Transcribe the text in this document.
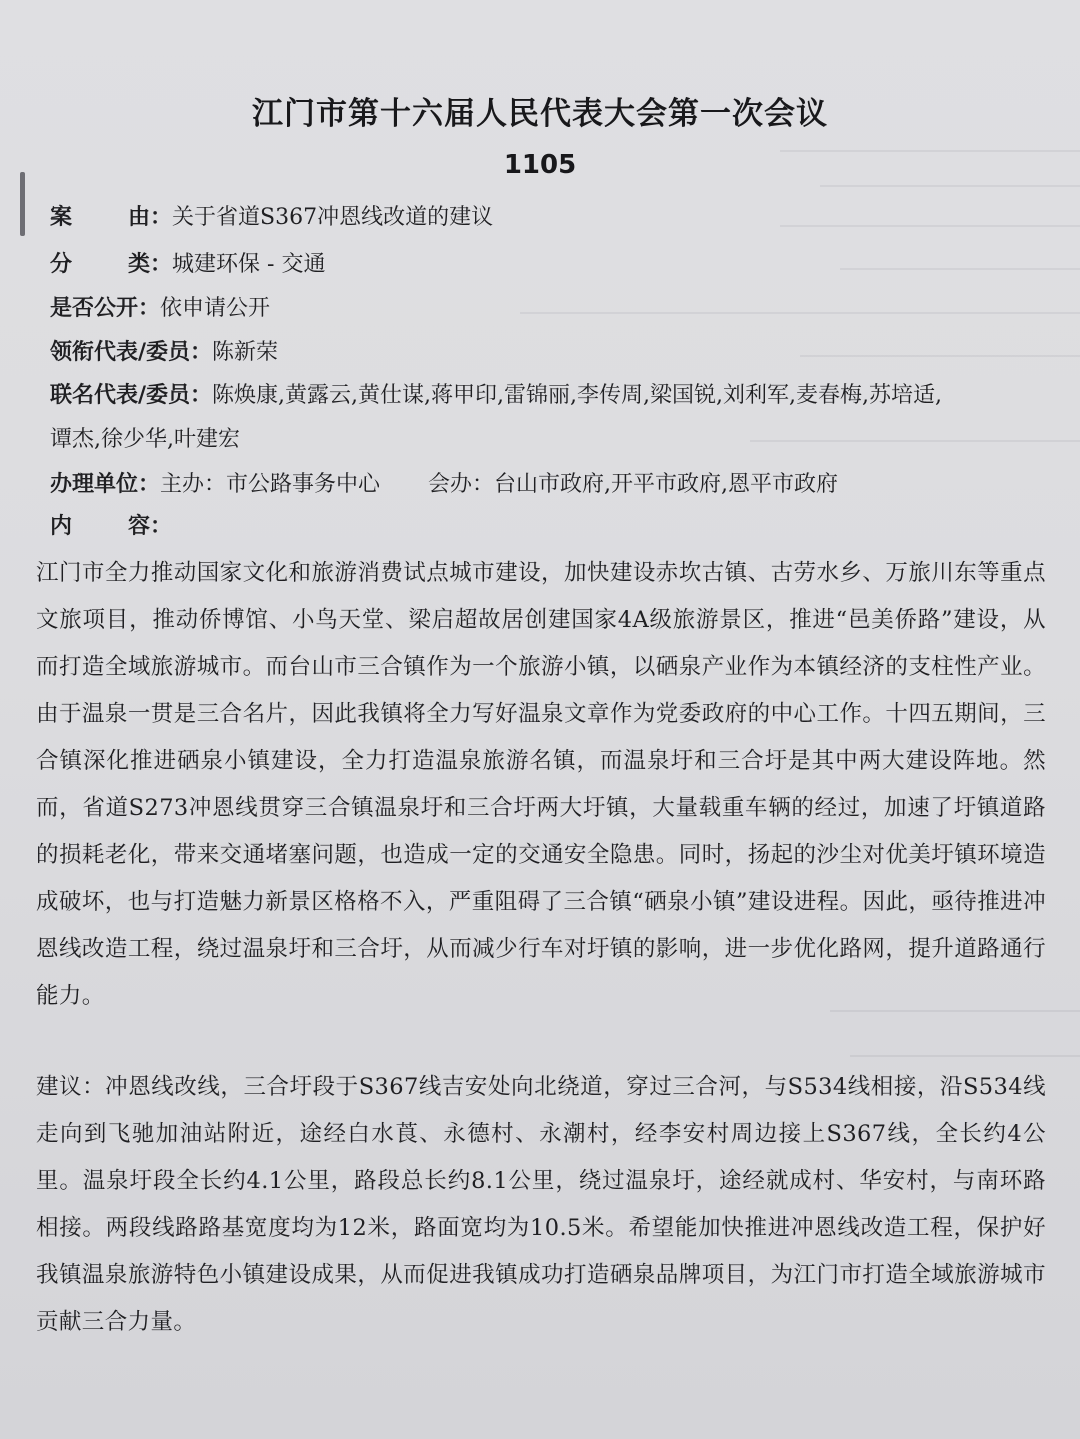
江门市第十六届人民代表大会第一次会议
1105
案	由：关于省道S367冲恩线改道的建议
分	类：城建环保 - 交通
是否公开：依申请公开
领衔代表/委员：陈新荣
联名代表/委员：陈焕康,黄露云,黄仕谋,蒋甲印,雷锦丽,李传周,梁国锐,刘利军,麦春梅,苏培适,
谭杰,徐少华,叶建宏
办理单位：主办：市公路事务中心 会办：台山市政府,开平市政府,恩平市政府
内	容：
江门市全力推动国家文化和旅游消费试点城市建设，加快建设赤坎古镇、古劳水乡、万旅川东等重点文旅项目，推动侨博馆、小鸟天堂、梁启超故居创建国家4A级旅游景区，推进“邑美侨路”建设，从而打造全域旅游城市。而台山市三合镇作为一个旅游小镇，以硒泉产业作为本镇经济的支柱性产业。由于温泉一贯是三合名片，因此我镇将全力写好温泉文章作为党委政府的中心工作。十四五期间，三合镇深化推进硒泉小镇建设，全力打造温泉旅游名镇，而温泉圩和三合圩是其中两大建设阵地。然而，省道S273冲恩线贯穿三合镇温泉圩和三合圩两大圩镇，大量载重车辆的经过，加速了圩镇道路的损耗老化，带来交通堵塞问题，也造成一定的交通安全隐患。同时，扬起的沙尘对优美圩镇环境造成破坏，也与打造魅力新景区格格不入，严重阻碍了三合镇“硒泉小镇”建设进程。因此，亟待推进冲恩线改造工程，绕过温泉圩和三合圩，从而减少行车对圩镇的影响，进一步优化路网，提升道路通行能力。
建议：冲恩线改线，三合圩段于S367线吉安处向北绕道，穿过三合河，与S534线相接，沿S534线走向到飞驰加油站附近，途经白水莨、永德村、永潮村，经李安村周边接上S367线，全长约4公里。温泉圩段全长约4.1公里，路段总长约8.1公里，绕过温泉圩，途经就成村、华安村，与南环路相接。两段线路路基宽度均为12米，路面宽均为10.5米。希望能加快推进冲恩线改造工程，保护好我镇温泉旅游特色小镇建设成果，从而促进我镇成功打造硒泉品牌项目，为江门市打造全域旅游城市贡献三合力量。
